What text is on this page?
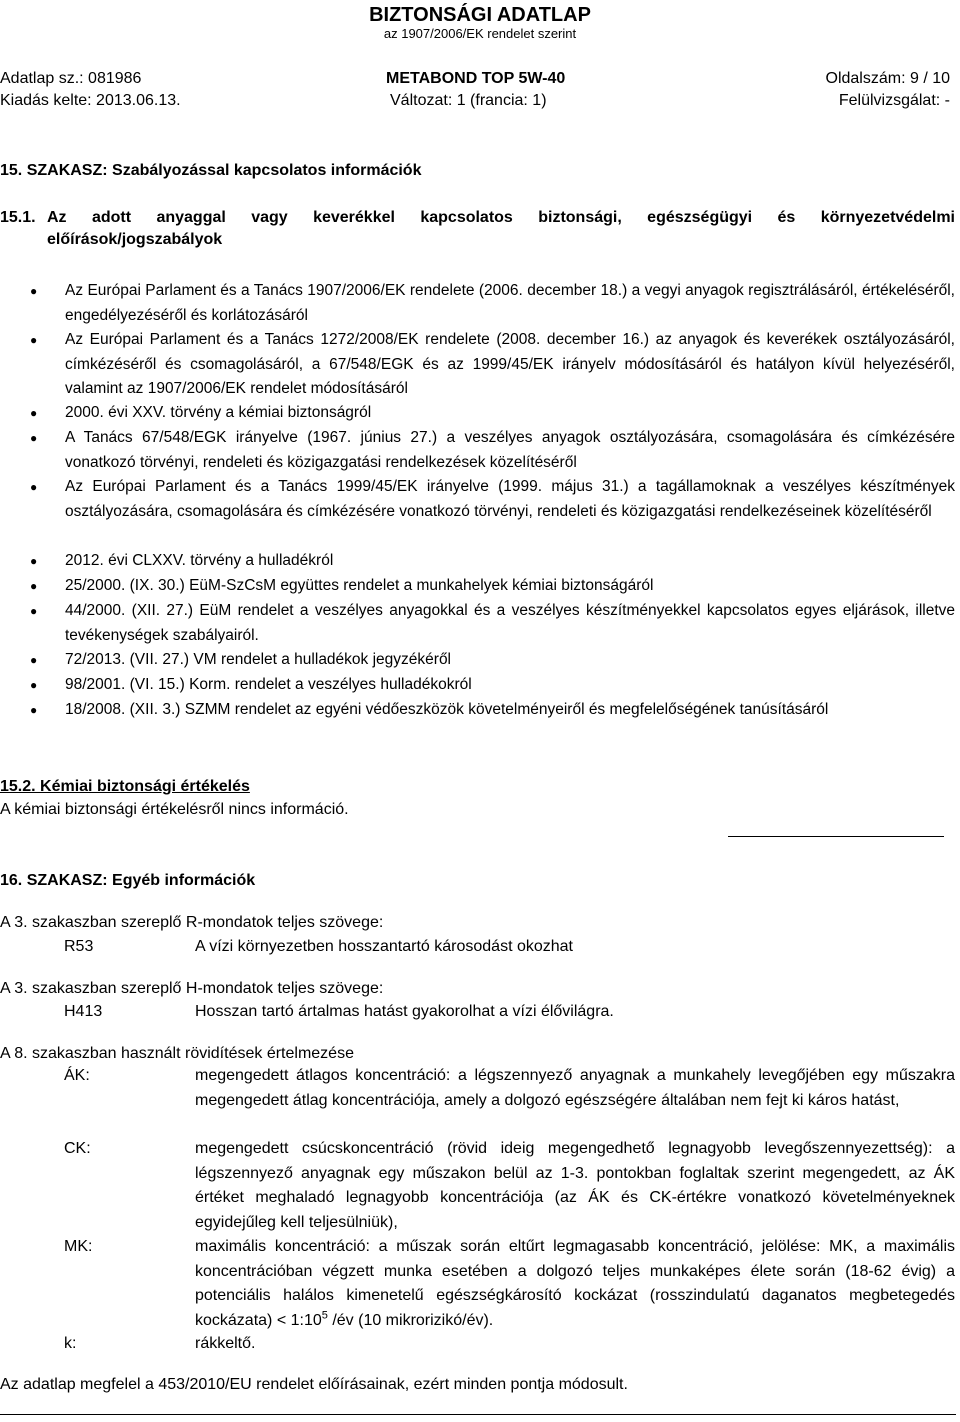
BIZTONSÁGI ADATLAP
az 1907/2006/EK rendelet szerint
Adatlap sz.: 081986	METABOND TOP 5W-40	Oldalszám: 9 / 10
Kiadás kelte: 2013.06.13.	Változat: 1 (francia: 1)	Felülvizsgálat: -
15. SZAKASZ: Szabályozással kapcsolatos információk
15.1. Az adott anyaggal vagy keverékkel kapcsolatos biztonsági, egészségügyi és környezetvédelmi
előírások/jogszabályok
● Az Európai Parlament és a Tanács 1907/2006/EK rendelete (2006. december 18.) a vegyi anyagok regisztrálásáról, értékeléséről, engedélyezéséről és korlátozásáról
● Az Európai Parlament és a Tanács 1272/2008/EK rendelete (2008. december 16.) az anyagok és keverékek osztályozásáról, címkézéséről és csomagolásáról, a 67/548/EGK és az 1999/45/EK irányelv módosításáról és hatályon kívül helyezéséről, valamint az 1907/2006/EK rendelet módosításáról
● 2000. évi XXV. törvény a kémiai biztonságról
● A Tanács 67/548/EGK irányelve (1967. június 27.) a veszélyes anyagok osztályozására, csomagolására és címkézésére vonatkozó törvényi, rendeleti és közigazgatási rendelkezések közelítéséről
● Az Európai Parlament és a Tanács 1999/45/EK irányelve (1999. május 31.) a tagállamoknak a veszélyes készítmények osztályozására, csomagolására és címkézésére vonatkozó törvényi, rendeleti és közigazgatási rendelkezéseinek közelítéséről
● 2012. évi CLXXV. törvény a hulladékról
● 25/2000. (IX. 30.) EüM-SzCsM együttes rendelet a munkahelyek kémiai biztonságáról
● 44/2000. (XII. 27.) EüM rendelet a veszélyes anyagokkal és a veszélyes készítményekkel kapcsolatos egyes eljárások, illetve tevékenységek szabályairól.
● 72/2013. (VII. 27.) VM rendelet a hulladékok jegyzékéről
● 98/2001. (VI. 15.) Korm. rendelet a veszélyes hulladékokról
● 18/2008. (XII. 3.) SZMM rendelet az egyéni védőeszközök követelményeiről és megfelelőségének tanúsításáról
15.2. Kémiai biztonsági értékelés
A kémiai biztonsági értékelésről nincs információ.
16. SZAKASZ: Egyéb információk
A 3. szakaszban szereplő R-mondatok teljes szövege:
R53	A vízi környezetben hosszantartó károsodást okozhat
A 3. szakaszban szereplő H-mondatok teljes szövege:
H413	Hosszan tartó ártalmas hatást gyakorolhat a vízi élővilágra.
A 8. szakaszban használt rövidítések értelmezése
ÁK:	megengedett átlagos koncentráció: a légszennyező anyagnak a munkahely levegőjében egy műszakra megengedett átlag koncentrációja, amely a dolgozó egészségére általában nem fejt ki káros hatást,
CK:	megengedett csúcskoncentráció (rövid ideig megengedhető legnagyobb levegőszennyezettség): a légszennyező anyagnak egy műszakon belül az 1-3. pontokban foglaltak szerint megengedett, az ÁK értéket meghaladó legnagyobb koncentrációja (az ÁK és CK-értékre vonatkozó követelményeknek egyidejűleg kell teljesülniük),
MK:	maximális koncentráció: a műszak során eltűrt legmagasabb koncentráció, jelölése: MK, a maximális koncentrációban végzett munka esetében a dolgozó teljes munkaképes élete során (18-62 évig) a potenciális halálos kimenetelű egészségkárosító kockázat (rosszindulatú daganatos megbetegedés kockázata) < $1:10^5$ /év (10 mikrorizikó/év).
k:	rákkeltő.
Az adatlap megfelel a 453/2010/EU rendelet előírásainak, ezért minden pontja módosult.
